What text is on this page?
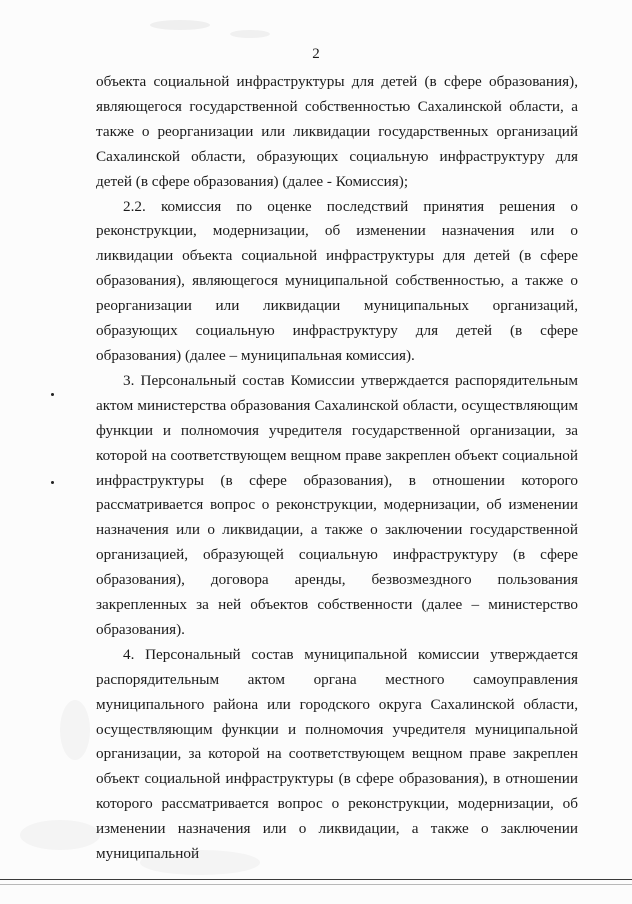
2

объекта социальной инфраструктуры для детей (в сфере образования), являющегося государственной собственностью Сахалинской области, а также о реорганизации или ликвидации государственных организаций Сахалинской области, образующих социальную инфраструктуру для детей (в сфере образования) (далее - Комиссия);

2.2. комиссия по оценке последствий принятия решения о реконструкции, модернизации, об изменении назначения или о ликвидации объекта социальной инфраструктуры для детей (в сфере образования), являющегося муниципальной собственностью, а также о реорганизации или ликвидации муниципальных организаций, образующих социальную инфраструктуру для детей (в сфере образования) (далее – муниципальная комиссия).

3. Персональный состав Комиссии утверждается распорядительным актом министерства образования Сахалинской области, осуществляющим функции и полномочия учредителя государственной организации, за которой на соответствующем вещном праве закреплен объект социальной инфраструктуры (в сфере образования), в отношении которого рассматривается вопрос о реконструкции, модернизации, об изменении назначения или о ликвидации, а также о заключении государственной организацией, образующей социальную инфраструктуру (в сфере образования), договора аренды, безвозмездного пользования закрепленных за ней объектов собственности (далее – министерство образования).

4. Персональный состав муниципальной комиссии утверждается распорядительным актом органа местного самоуправления муниципального района или городского округа Сахалинской области, осуществляющим функции и полномочия учредителя муниципальной организации, за которой на соответствующем вещном праве закреплен объект социальной инфраструктуры (в сфере образования), в отношении которого рассматривается вопрос о реконструкции, модернизации, об изменении назначения или о ликвидации, а также о заключении муниципальной
